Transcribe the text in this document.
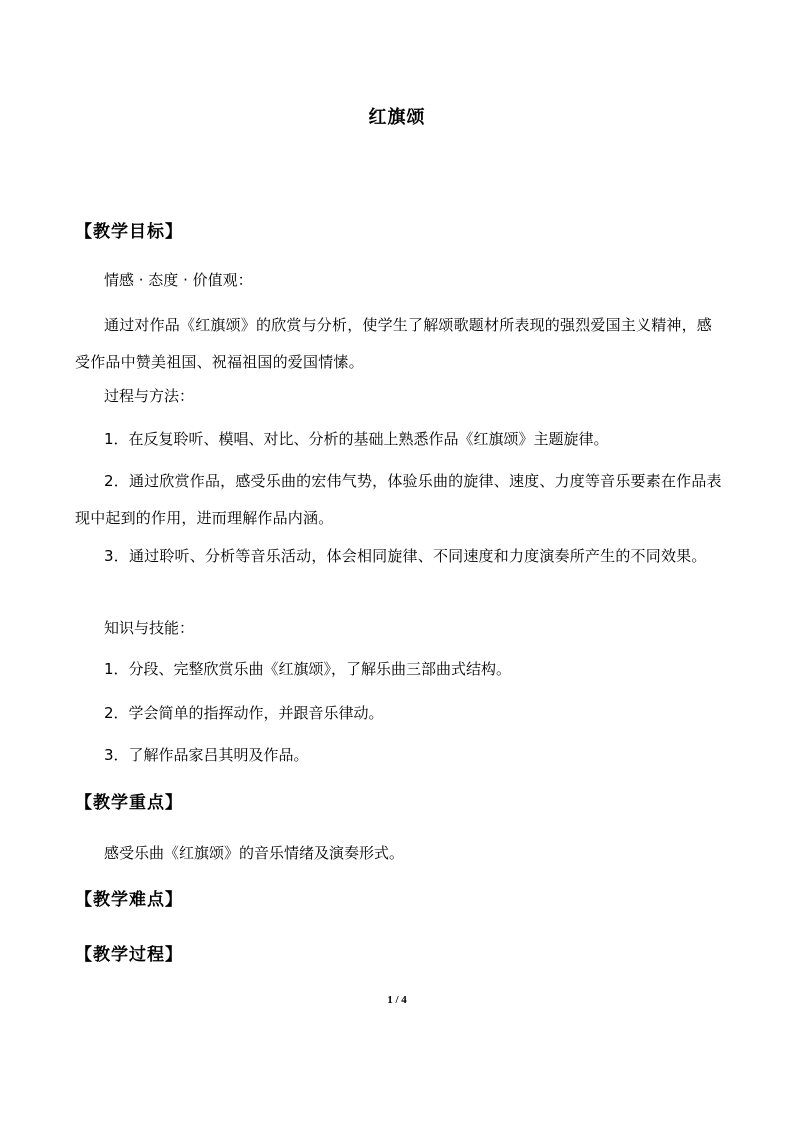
红旗颂
【教学目标】
情感 · 态度 · 价值观：
通过对作品《红旗颂》的欣赏与分析，使学生了解颂歌题材所表现的强烈爱国主义精神，感受作品中赞美祖国、祝福祖国的爱国情愫。
过程与方法：
1．在反复聆听、模唱、对比、分析的基础上熟悉作品《红旗颂》主题旋律。
2．通过欣赏作品，感受乐曲的宏伟气势，体验乐曲的旋律、速度、力度等音乐要素在作品表现中起到的作用，进而理解作品内涵。
3．通过聆听、分析等音乐活动，体会相同旋律、不同速度和力度演奏所产生的不同效果。
知识与技能：
1．分段、完整欣赏乐曲《红旗颂》，了解乐曲三部曲式结构。
2．学会简单的指挥动作，并跟音乐律动。
3．了解作品家吕其明及作品。
【教学重点】
感受乐曲《红旗颂》的音乐情绪及演奏形式。
【教学难点】
【教学过程】
1 / 4
